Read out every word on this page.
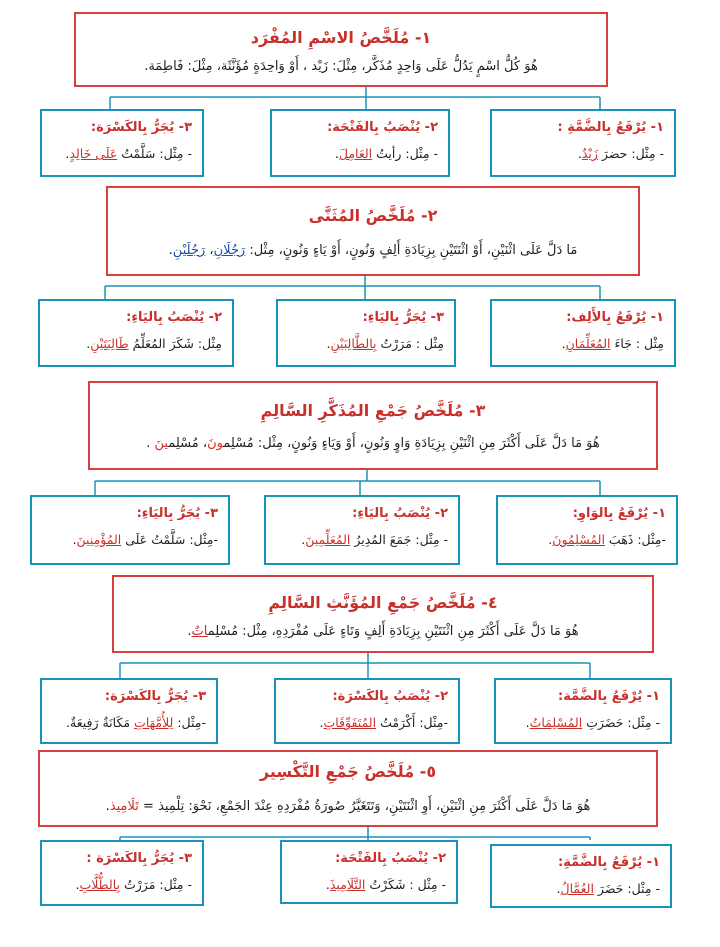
١- مُلَخَّصُ الاسْمِ المُفْرَد
هُوَ كُلُّ اسْمٍ يَدُلُّ عَلَى وَاحِدٍ مُذَكَّر، مِثْلَ: زَيْد ، أَوْ وَاحِدَةٍ مُؤَنَّثَة، مِثْلَ: فَاطِمَة.
١- يُرْفَعُ بِالضَّمَّةِ :
- مِثْل: حضرَ زَيْدٌ.
٢- يُنْصَبُ بِالفَتْحَة:
- مِثْل: رأيتُ العَامِلَ.
٣- يُجَرُّ بِالكَسْرَة:
- مِثْل: سَلَّمْتُ عَلَى خَالِدٍ.
٢- مُلَخَّصُ المُثَنَّى
مَا دَلَّ عَلَى اثْنَيْنِ، أَوْ اثْنَتَيْنِ بِزِيَادَةِ أَلِفٍ وَنُونٍ، أَوْ يَاءٍ وَنُونٍ، مِثْل: رَجُلَانِ، رَجُلَيْنِ.
١- يُرْفَعُ بِالأَلِف:
مِثْل : جَاءَ المُعَلِّمَانِ.
٣- يُجَرُّ بِاليَاءِ:
مِثْل : مَرَرْتُ بِالطَّالِبَيْنِ.
٢- يُنْصَبُ بِاليَاءِ:
مِثْل: شَكَرَ المُعَلِّمُ طَالِبَتَيْنِ.
٣- مُلَخَّصُ جَمْعِ المُذَكَّرِ السَّالِمِ
هُوَ مَا دَلَّ عَلَى أَكْثَرَ مِنِ اثْنَيْنِ بِزِيَادَةِ وَاوٍ وَنُونٍ، أَوْ وَيَاءٍ وَنُونٍ، مِثْل: مُسْلِمونَ، مُسْلِمينَ .
١- يُرْفَعُ بِالوَاوِ:
-مِثْل: ذَهَبَ المُسْلِمُونَ.
٢- يُنْصَبُ بِاليَاءِ:
- مِثْل: جَمَعَ المُدِيرُ المُعَلِّمِينَ.
٣- يُجَرُّ بِاليَاءِ:
-مِثْل: سَلَّمْتُ عَلَى المُؤْمِنِينَ.
٤- مُلَخَّصُ جَمْعِ المُؤَنَّثِ السَّالِمِ
هُوَ مَا دَلَّ عَلَى أَكْثَرَ مِنِ اثْنَتَيْنِ بِزِيَادَةِ أَلِفٍ وَتَاءٍ عَلَى مُفْرَدِهِ، مِثْل: مُسْلِماتٌ.
١- يُرْفَعُ بِالضَّمَّة:
- مِثْل: حَضَرَتِ المُسْلِمَاتُ.
٢- يُنْصَبُ بِالكَسْرَة:
-مِثْل: أَكْرَمْتُ المُتَفَوِّقَاتِ.
٣- يُجَرُّ بِالكَسْرَة:
-مِثْل: لِلأُمَّهَاتِ مَكَانَةٌ رَفِيعَةٌ.
٥- مُلَخَّصُ جَمْعِ التَّكْسِير
هُوَ مَا دَلَّ عَلَى أَكْثَرَ مِنِ اثْنَيْنِ، أَوِ اثْنَتَيْنِ، وَتَتَغَيَّرُ صُورَةُ مُفْرَدِهِ عِنْدَ الجَمْعِ، نَحْوَ: تِلْمِيذ = تَلَامِيذ.
١- يُرْفَعُ بِالضَّمَّةِ:
- مِثْل: حَضَرَ العُمَّالُ.
٢- يُنْصَبُ بِالفَتْحَة:
- مِثْل : شَكَرْتُ التَّلَامِيذَ.
٣- يُجَرُّ بِالكَسْرَة :
- مِثْل: مَرَرْتُ بِالطُّلَّابِ.
